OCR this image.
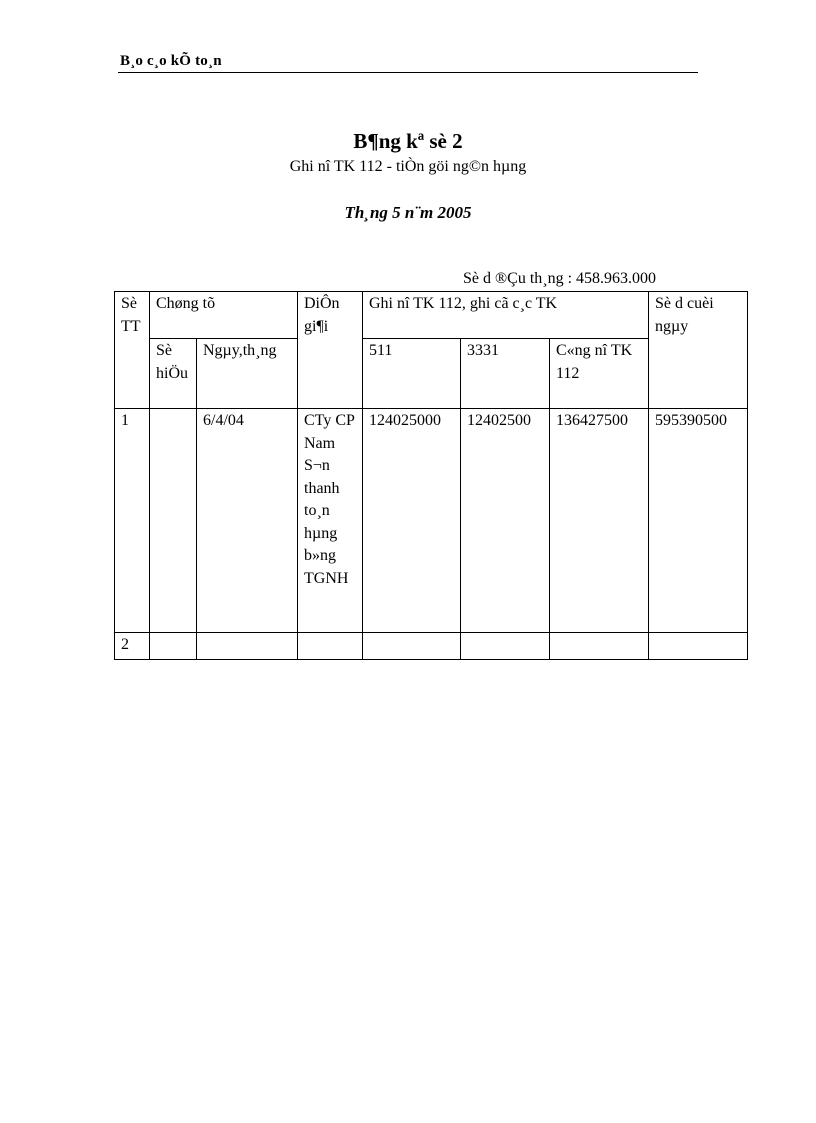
B¸o c¸o kÕ to¸n
B¶ng kª sè 2
Ghi nî TK 112 - tiÒn göi ng©n hµng
Th¸ng 5 n¨m 2005
Sè d ®Çu th¸ng : 458.963.000
Sè TT	Chøng tõ		DiÔn gi¶i	Ghi nî TK 112, ghi cã c¸c TK			Sè d cuèi ngµy
	Sè hiÖu	Ngµy,th¸ng		511	3331	C«ng nî TK 112	
1		6/4/04	CTy CP Nam S¬n thanh to¸n hµng b»ng TGNH	124025000	12402500	136427500	595390500
2							
